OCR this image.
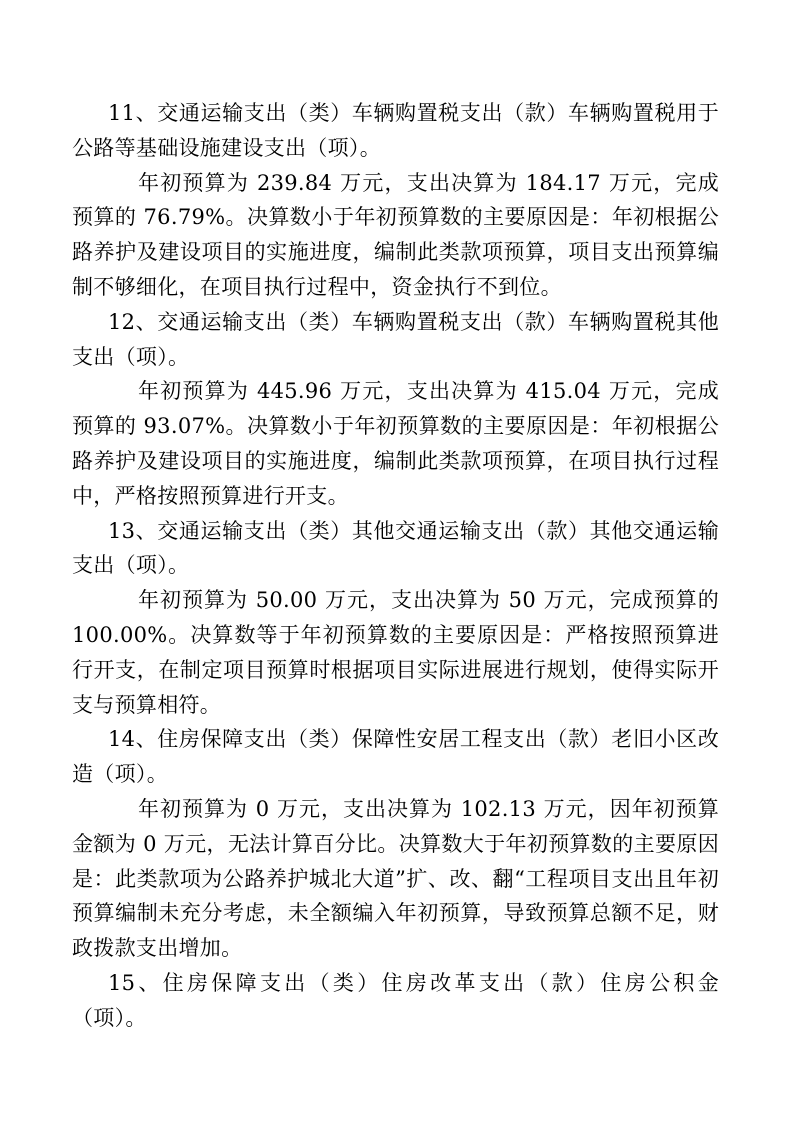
11、交通运输支出（类）车辆购置税支出（款）车辆购置税用于公路等基础设施建设支出（项）。

年初预算为 239.84 万元，支出决算为 184.17 万元，完成预算的 76.79%。决算数小于年初预算数的主要原因是：年初根据公路养护及建设项目的实施进度，编制此类款项预算，项目支出预算编制不够细化，在项目执行过程中，资金执行不到位。

12、交通运输支出（类）车辆购置税支出（款）车辆购置税其他支出（项）。

年初预算为 445.96 万元，支出决算为 415.04 万元，完成预算的 93.07%。决算数小于年初预算数的主要原因是：年初根据公路养护及建设项目的实施进度，编制此类款项预算，在项目执行过程中，严格按照预算进行开支。

13、交通运输支出（类）其他交通运输支出（款）其他交通运输支出（项）。

年初预算为 50.00 万元，支出决算为 50 万元，完成预算的 100.00%。决算数等于年初预算数的主要原因是：严格按照预算进行开支，在制定项目预算时根据项目实际进展进行规划，使得实际开支与预算相符。

14、住房保障支出（类）保障性安居工程支出（款）老旧小区改造（项）。

年初预算为 0 万元，支出决算为 102.13 万元，因年初预算金额为 0 万元，无法计算百分比。决算数大于年初预算数的主要原因是：此类款项为公路养护城北大道”扩、改、翻“工程项目支出且年初预算编制未充分考虑，未全额编入年初预算，导致预算总额不足，财政拨款支出增加。

15、住房保障支出（类）住房改革支出（款）住房公积金（项）。
